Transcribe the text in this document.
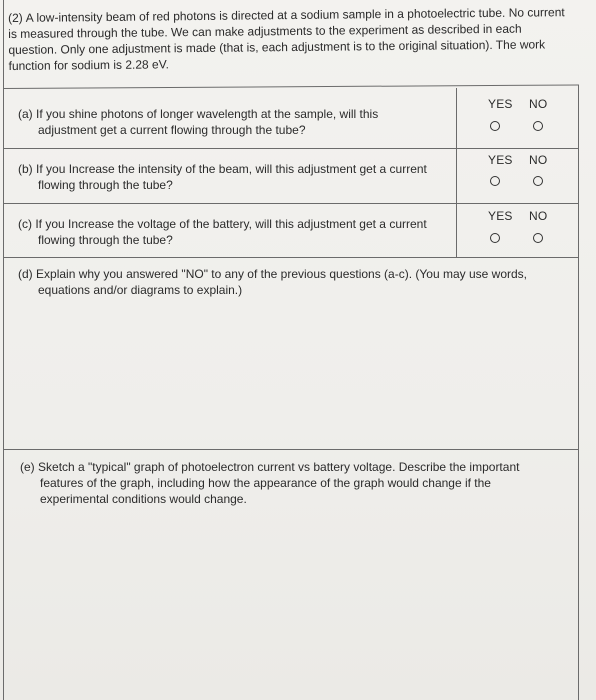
(2) A low-intensity beam of red photons is directed at a sodium sample in a photoelectric tube. No current is measured through the tube. We can make adjustments to the experiment as described in each question. Only one adjustment is made (that is, each adjustment is to the original situation). The work function for sodium is 2.28 eV.
(a) If you shine photons of longer wavelength at the sample, will this adjustment get a current flowing through the tube?
YES NO
(b) If you Increase the intensity of the beam, will this adjustment get a current flowing through the tube?
YES NO
(c) If you Increase the voltage of the battery, will this adjustment get a current flowing through the tube?
YES NO
(d) Explain why you answered "NO" to any of the previous questions (a-c). (You may use words, equations and/or diagrams to explain.)
(e) Sketch a "typical" graph of photoelectron current vs battery voltage. Describe the important features of the graph, including how the appearance of the graph would change if the experimental conditions would change.
